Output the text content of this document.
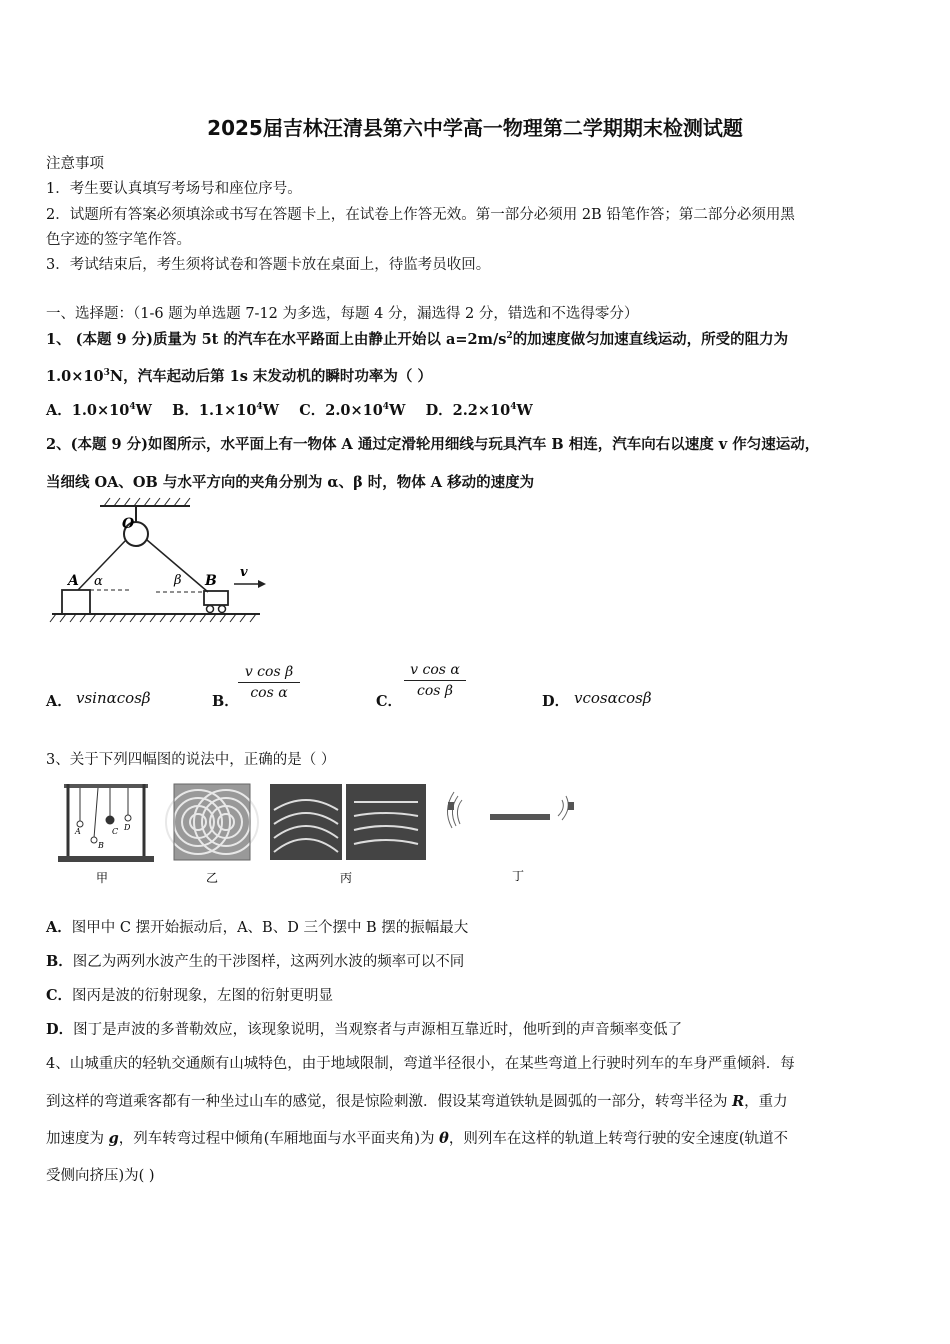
2025届吉林汪清县第六中学高一物理第二学期期末检测试题
注意事项
1．考生要认真填写考场号和座位序号。
2．试题所有答案必须填涂或书写在答题卡上，在试卷上作答无效。第一部分必须用 2B 铅笔作答；第二部分必须用黑
色字迹的签字笔作答。
3．考试结束后，考生须将试卷和答题卡放在桌面上，待监考员收回。
一、选择题：（1-6 题为单选题 7-12 为多选，每题 4 分，漏选得 2 分，错选和不选得零分）
1、 (本题 9 分)质量为 5t 的汽车在水平路面上由静止开始以 $a=2m/s^2$的加速度做匀加速直线运动，所受的阻力为
$1.0\times 10^3N$，汽车起动后第 1s 末发动机的瞬时功率为（ ）
A．$1.0\times 10^4W$ B．$1.1\times 10^4W$ C．$2.0\times 10^4W$ D．$2.2\times 10^4W$
2、(本题 9 分)如图所示，水平面上有一物体 A 通过定滑轮用细线与玩具汽车 B 相连，汽车向右以速度 v 作匀速运动，
当细线 OA、OB 与水平方向的夹角分别为 α、β 时，物体 A 移动的速度为
O
A α	B
β
v
A． vsinαcosβ	B．
v cos β
cos α	C．
v cos α
cos β
D． vcosαcosβ
3、关于下列四幅图的说法中，正确的是（ ）
A
B
C D
甲	乙	丙	丁
A．图甲中 C 摆开始振动后，A、B、D 三个摆中 B 摆的振幅最大
B．图乙为两列水波产生的干涉图样，这两列水波的频率可以不同
C．图丙是波的衍射现象，左图的衍射更明显
D．图丁是声波的多普勒效应，该现象说明，当观察者与声源相互靠近时，他听到的声音频率变低了
4、山城重庆的轻轨交通颇有山城特色，由于地域限制，弯道半径很小，在某些弯道上行驶时列车的车身严重倾斜．每
到这样的弯道乘客都有一种坐过山车的感觉，很是惊险刺激．假设某弯道铁轨是圆弧的一部分，转弯半径为 R，重力
加速度为 g，列车转弯过程中倾角(车厢地面与水平面夹角)为 θ，则列车在这样的轨道上转弯行驶的安全速度(轨道不
受侧向挤压)为( )
